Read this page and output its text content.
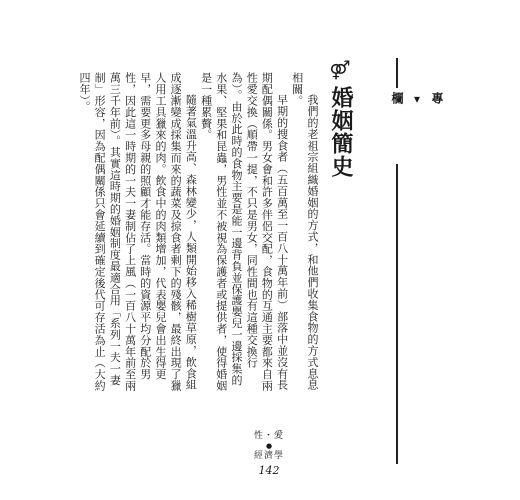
專 ▾ 欄
⚤
婚姻簡史

我們的老祖宗組織婚姻的方式，和他們收集食物的方式息息相關。

早期的搜食者（五百萬至一百八十萬年前）部落中並沒有長期配偶關係。男女會和許多伴侶交配，食物的互通主要都來自兩性愛交換（順帶一提，不只是男女，同性間也有這種交換行為）。由於此時的食物主要是能一邊背負並保護嬰兒一邊採集的水果、堅果和昆蟲，男性並不被視為保護者或提供者，使得婚姻是一種累贅。

隨著氣溫升高、森林變少，人類開始移入稀樹草原，飲食組成逐漸變成採集而來的蔬菜及掠食者剩下的殘骸，最終出現了獵人用工具獵來的肉。飲食中的肉類增加，代表嬰兒會出生得更早，需要更多母親的照顧才能存活。當時的資源平均分配於男性，因此這一時期的一夫一妻制佔了上風（一百八十萬年前至兩萬三千年前）。其實這時期的婚姻制度最適合用「系列一夫一妻制」形容，因為配偶關係只會延續到確定後代可存活為止（大約四年）。

性・愛
●
經濟學
142
